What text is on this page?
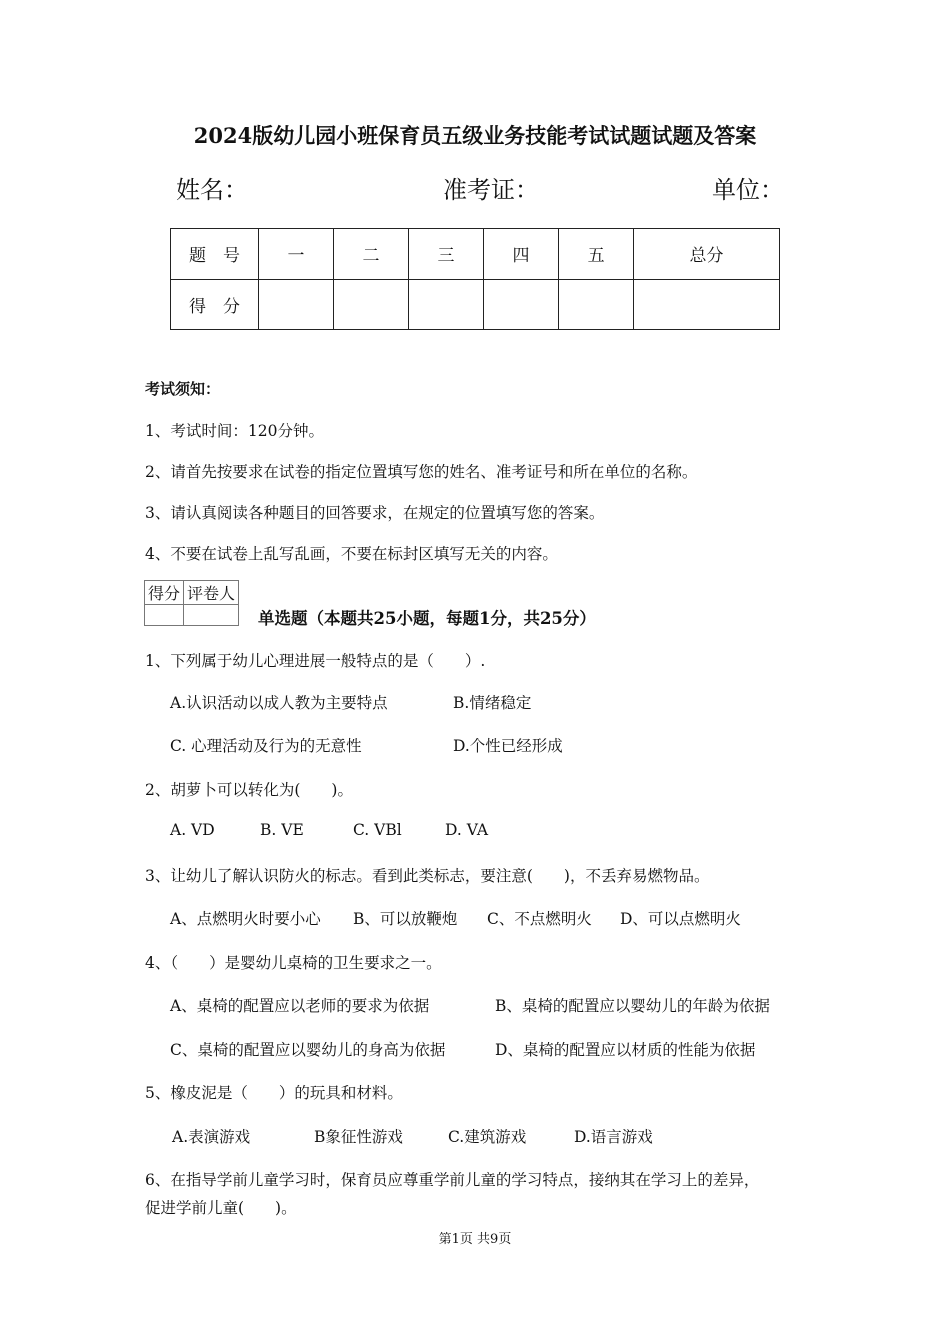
2024版幼儿园小班保育员五级业务技能考试试题试题及答案
姓名：	准考证：	单位：
题　号	一	二	三	四	五	总分
得　分						
考试须知：
1、考试时间：120分钟。
2、请首先按要求在试卷的指定位置填写您的姓名、准考证号和所在单位的名称。
3、请认真阅读各种题目的回答要求，在规定的位置填写您的答案。
4、不要在试卷上乱写乱画，不要在标封区填写无关的内容。
得分	评卷人

单选题（本题共25小题，每题1分，共25分）
1、下列属于幼儿心理进展一般特点的是（　　）.
A.认识活动以成人教为主要特点	B.情绪稳定
C. 心理活动及行为的无意性	D.个性已经形成
2、胡萝卜可以转化为(　　)。
A. VD	B. VE	C. VBl	D. VA
3、让幼儿了解认识防火的标志。看到此类标志，要注意(　　)，不丢弃易燃物品。
A、点燃明火时要小心 B、可以放鞭炮 C、不点燃明火 D、可以点燃明火
4、（　　）是婴幼儿桌椅的卫生要求之一。
A、桌椅的配置应以老师的要求为依据	B、桌椅的配置应以婴幼儿的年龄为依据
C、桌椅的配置应以婴幼儿的身高为依据	D、桌椅的配置应以材质的性能为依据
5、橡皮泥是（　　）的玩具和材料。
A.表演游戏	B象征性游戏	C.建筑游戏	D.语言游戏
6、在指导学前儿童学习时，保育员应尊重学前儿童的学习特点，接纳其在学习上的差异，
促进学前儿童(　　)。
第1页 共9页
